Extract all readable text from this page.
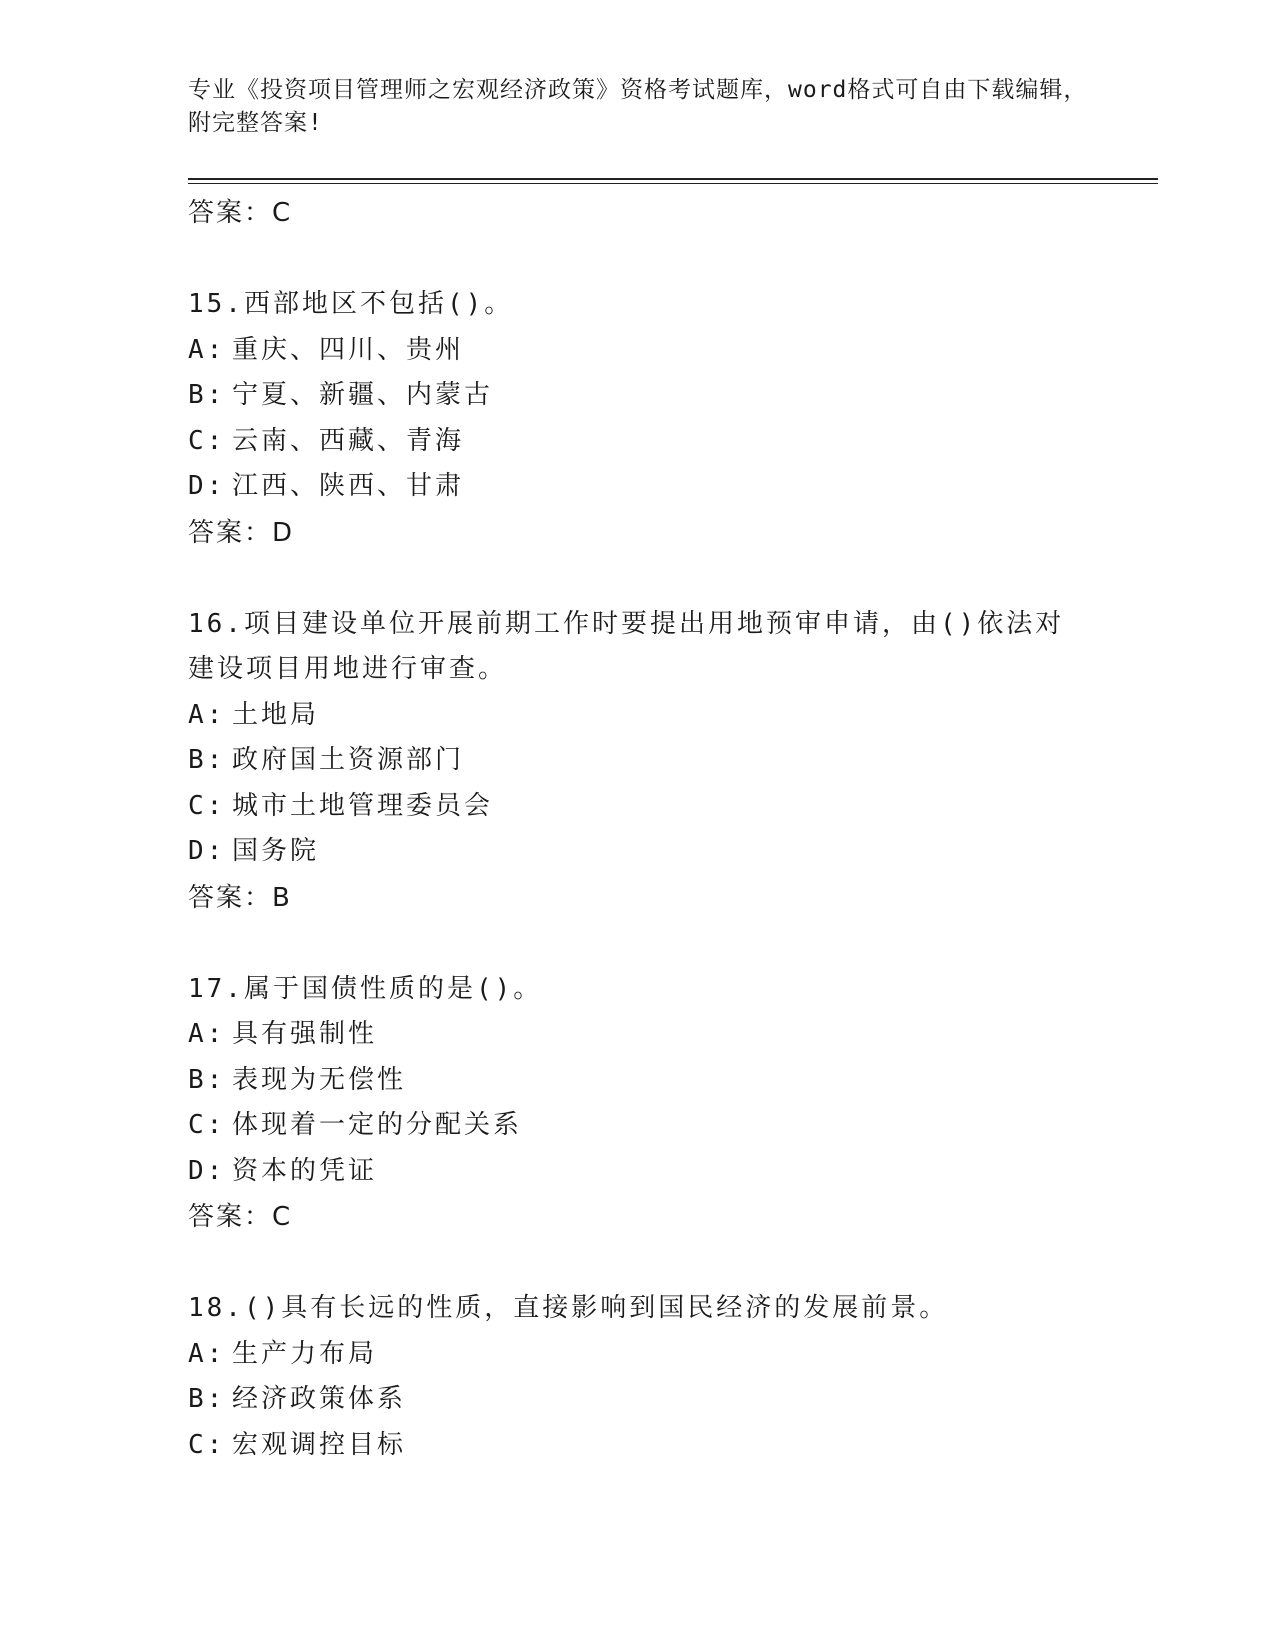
专业《投资项目管理师之宏观经济政策》资格考试题库，word格式可自由下载编辑，附完整答案!
答案：C
15.西部地区不包括()。
A: 重庆、四川、贵州
B: 宁夏、新疆、内蒙古
C: 云南、西藏、青海
D: 江西、陕西、甘肃
答案：D
16.项目建设单位开展前期工作时要提出用地预审申请，由()依法对建设项目用地进行审查。
A: 土地局
B: 政府国土资源部门
C: 城市土地管理委员会
D: 国务院
答案：B
17.属于国债性质的是()。
A: 具有强制性
B: 表现为无偿性
C: 体现着一定的分配关系
D: 资本的凭证
答案：C
18.()具有长远的性质，直接影响到国民经济的发展前景。
A: 生产力布局
B: 经济政策体系
C: 宏观调控目标
